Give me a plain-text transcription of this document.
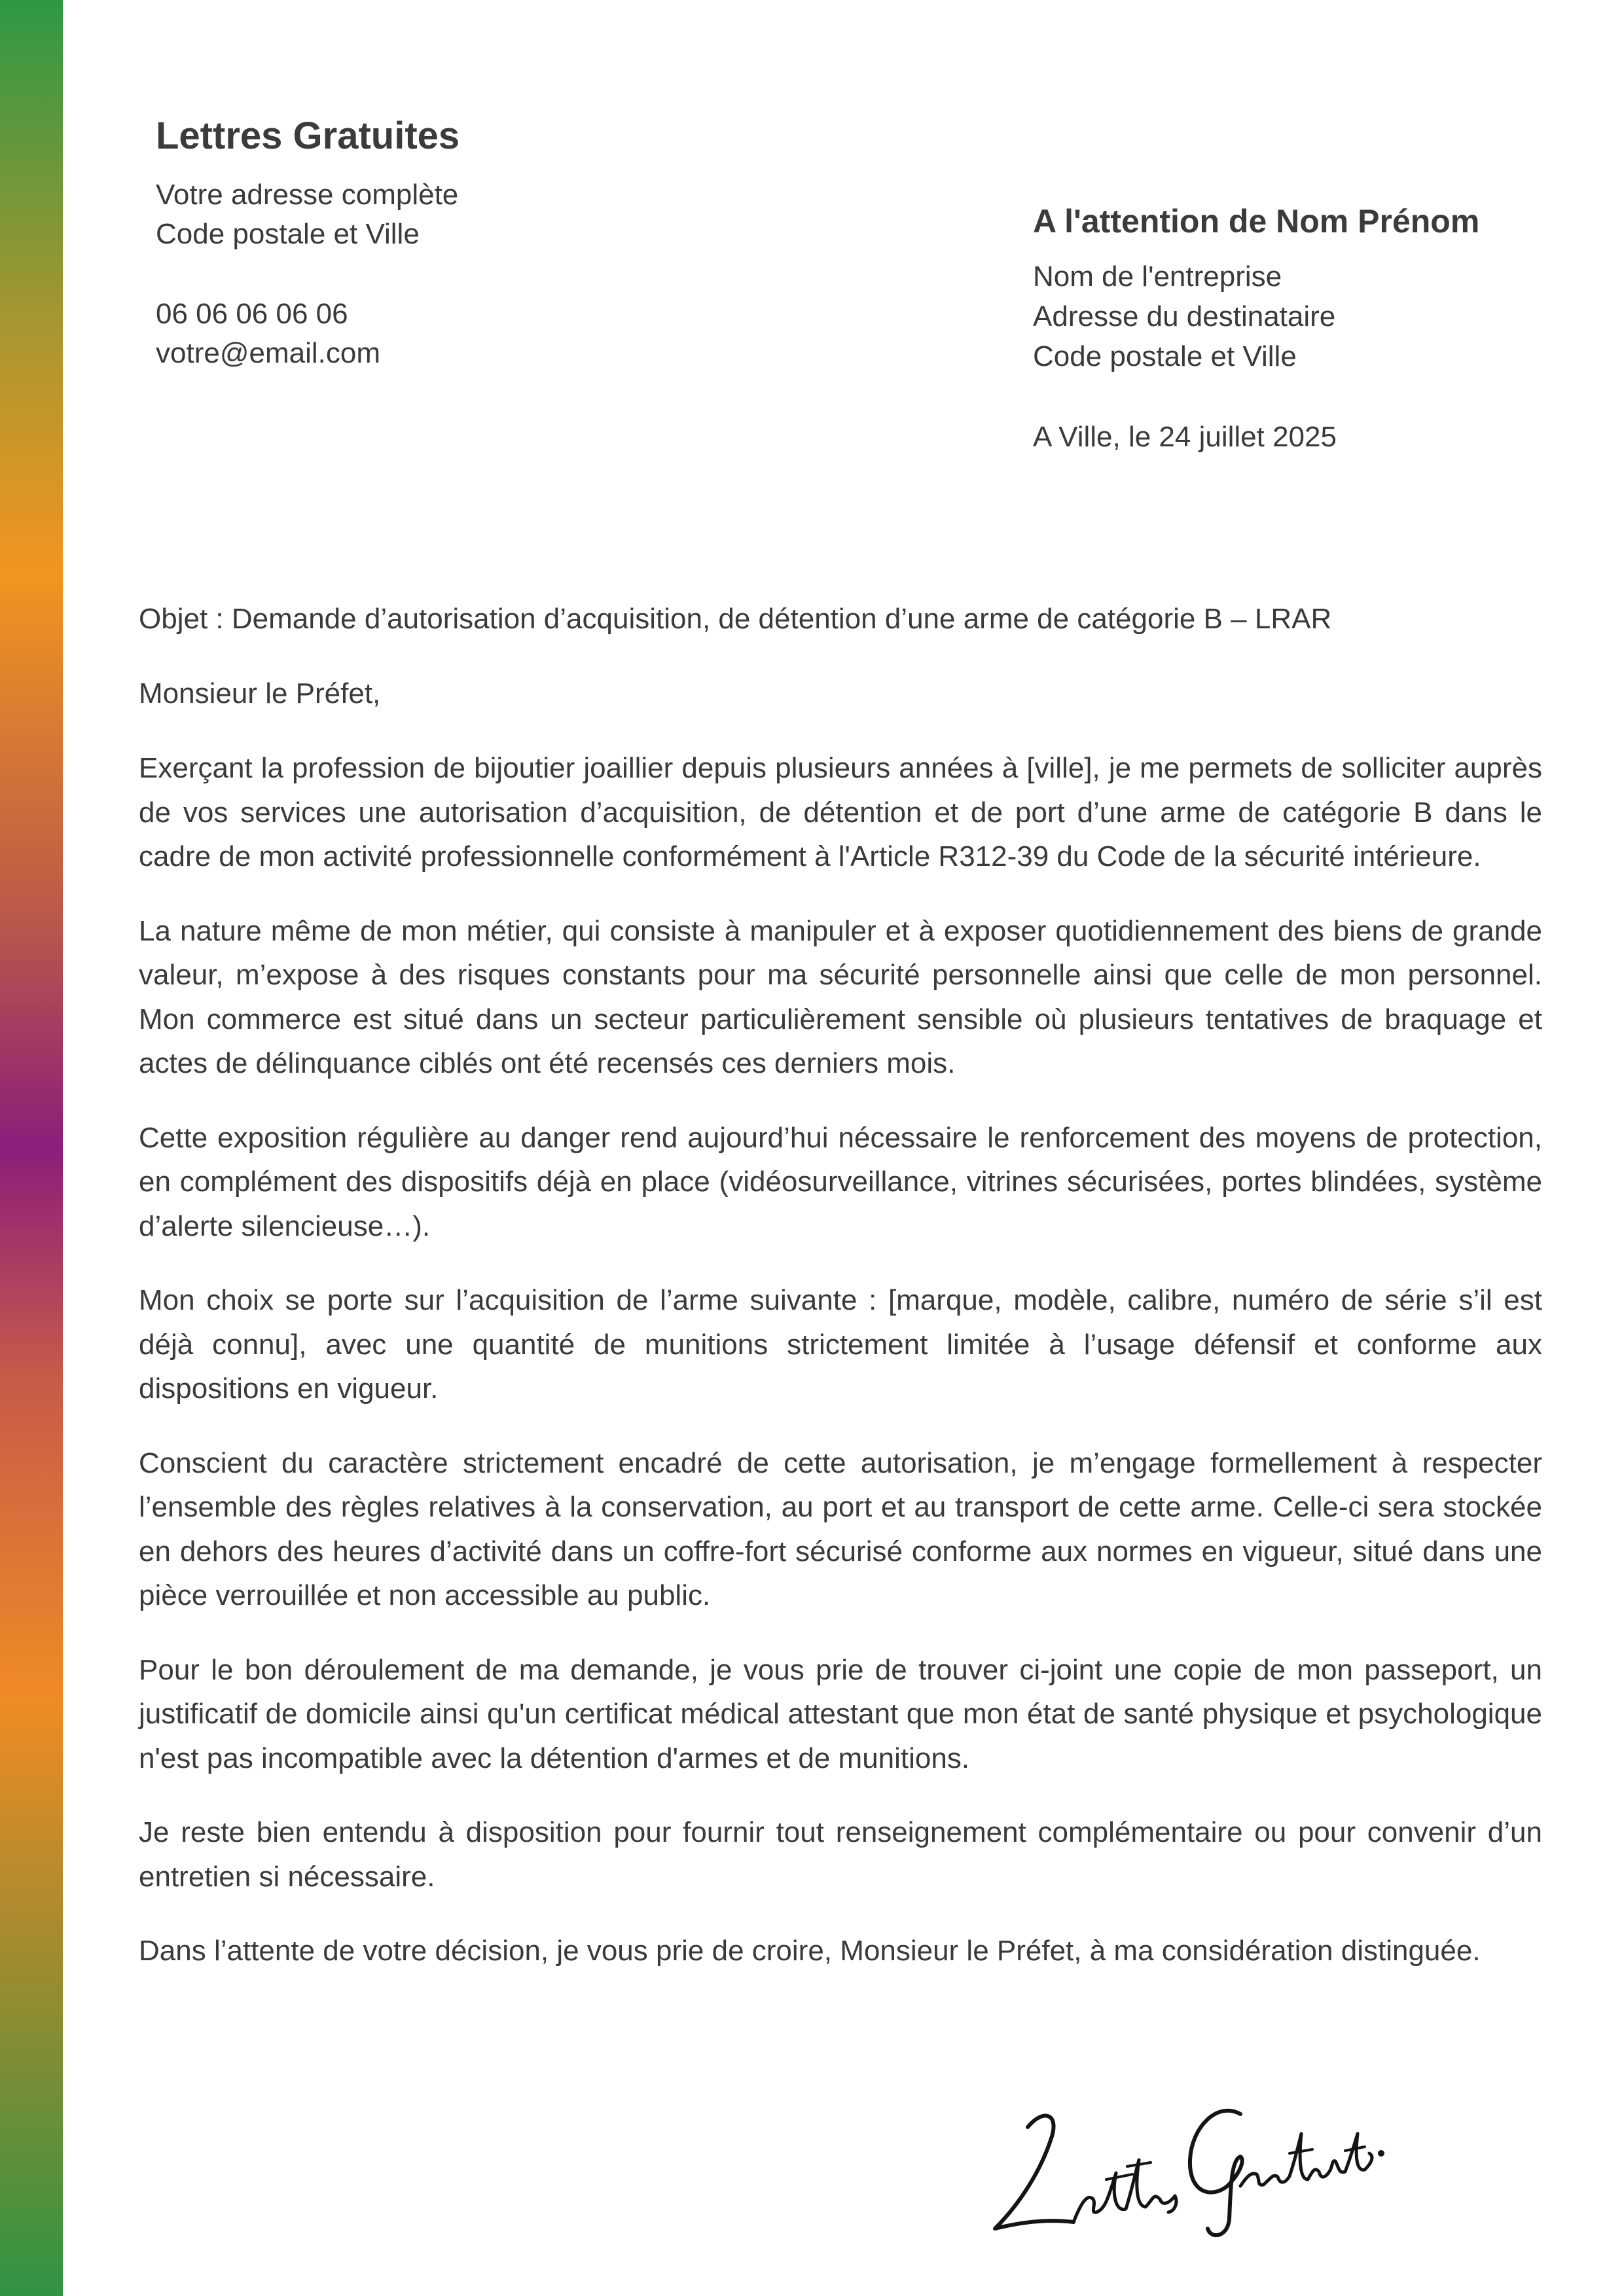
Lettres Gratuites
Votre adresse complète
Code postale et Ville
06 06 06 06 06
votre@email.com
A l'attention de Nom Prénom
Nom de l'entreprise
Adresse du destinataire
Code postale et Ville
A Ville, le 24 juillet 2025

Objet : Demande d’autorisation d’acquisition, de détention d’une arme de catégorie B – LRAR

Monsieur le Préfet,

Exerçant la profession de bijoutier joaillier depuis plusieurs années à [ville], je me permets de solliciter auprès de vos services une autorisation d’acquisition, de détention et de port d’une arme de catégorie B dans le cadre de mon activité professionnelle conformément à l'Article R312-39 du Code de la sécurité intérieure.

La nature même de mon métier, qui consiste à manipuler et à exposer quotidiennement des biens de grande valeur, m’expose à des risques constants pour ma sécurité personnelle ainsi que celle de mon personnel. Mon commerce est situé dans un secteur particulièrement sensible où plusieurs tentatives de braquage et actes de délinquance ciblés ont été recensés ces derniers mois.

Cette exposition régulière au danger rend aujourd’hui nécessaire le renforcement des moyens de protection, en complément des dispositifs déjà en place (vidéosurveillance, vitrines sécurisées, portes blindées, système d’alerte silencieuse…).

Mon choix se porte sur l’acquisition de l’arme suivante : [marque, modèle, calibre, numéro de série s’il est déjà connu], avec une quantité de munitions strictement limitée à l’usage défensif et conforme aux dispositions en vigueur.

Conscient du caractère strictement encadré de cette autorisation, je m’engage formellement à respecter l’ensemble des règles relatives à la conservation, au port et au transport de cette arme. Celle-ci sera stockée en dehors des heures d’activité dans un coffre-fort sécurisé conforme aux normes en vigueur, situé dans une pièce verrouillée et non accessible au public.

Pour le bon déroulement de ma demande, je vous prie de trouver ci-joint une copie de mon passeport, un justificatif de domicile ainsi qu'un certificat médical attestant que mon état de santé physique et psychologique n'est pas incompatible avec la détention d'armes et de munitions.

Je reste bien entendu à disposition pour fournir tout renseignement complémentaire ou pour convenir d’un entretien si nécessaire.

Dans l’attente de votre décision, je vous prie de croire, Monsieur le Préfet, à ma considération distinguée.
